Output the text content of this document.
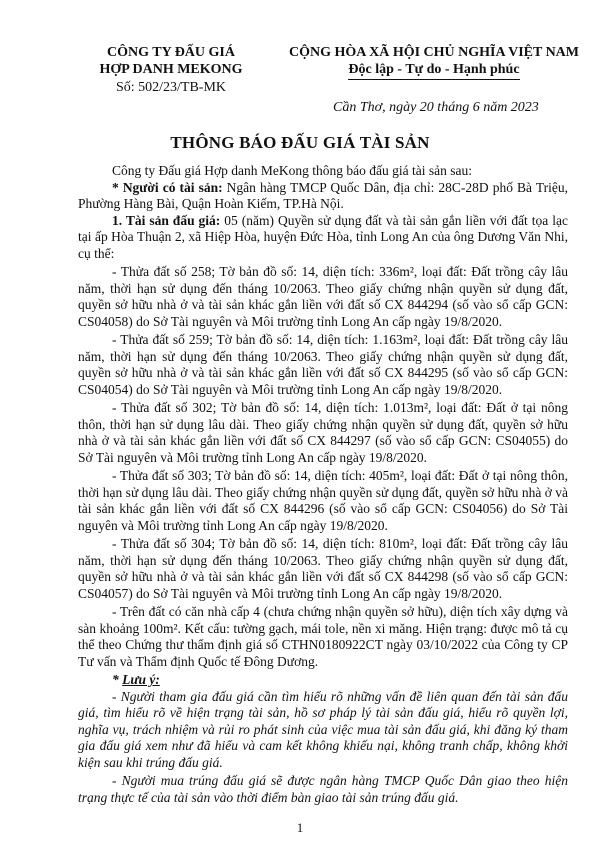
CÔNG TY ĐẤU GIÁ
HỢP DANH MEKONG
Số: 502/23/TB-MK
CỘNG HÒA XÃ HỘI CHỦ NGHĨA VIỆT NAM
Độc lập - Tự do - Hạnh phúc
Cần Thơ, ngày 20 tháng 6 năm 2023
THÔNG BÁO ĐẤU GIÁ TÀI SẢN

Công ty Đấu giá Hợp danh MeKong thông báo đấu giá tài sản sau:

* Người có tài sản: Ngân hàng TMCP Quốc Dân, địa chỉ: 28C-28D phố Bà Triệu, Phường Hàng Bài, Quận Hoàn Kiếm, TP.Hà Nội.

1. Tài sản đấu giá: 05 (năm) Quyền sử dụng đất và tài sản gắn liền với đất tọa lạc tại ấp Hòa Thuận 2, xã Hiệp Hòa, huyện Đức Hòa, tỉnh Long An của ông Dương Văn Nhi, cụ thể:

- Thửa đất số 258; Tờ bản đồ số: 14, diện tích: 336m², loại đất: Đất trồng cây lâu năm, thời hạn sử dụng đến tháng 10/2063. Theo giấy chứng nhận quyền sử dụng đất, quyền sở hữu nhà ở và tài sản khác gắn liền với đất số CX 844294 (số vào sổ cấp GCN: CS04058) do Sở Tài nguyên và Môi trường tỉnh Long An cấp ngày 19/8/2020.

- Thửa đất số 259; Tờ bản đồ số: 14, diện tích: 1.163m², loại đất: Đất trồng cây lâu năm, thời hạn sử dụng đến tháng 10/2063. Theo giấy chứng nhận quyền sử dụng đất, quyền sở hữu nhà ở và tài sản khác gắn liền với đất số CX 844295 (số vào sổ cấp GCN: CS04054) do Sở Tài nguyên và Môi trường tỉnh Long An cấp ngày 19/8/2020.

- Thửa đất số 302; Tờ bản đồ số: 14, diện tích: 1.013m², loại đất: Đất ở tại nông thôn, thời hạn sử dụng lâu dài. Theo giấy chứng nhận quyền sử dụng đất, quyền sở hữu nhà ở và tài sản khác gắn liền với đất số CX 844297 (số vào sổ cấp GCN: CS04055) do Sở Tài nguyên và Môi trường tỉnh Long An cấp ngày 19/8/2020.

- Thửa đất số 303; Tờ bản đồ số: 14, diện tích: 405m², loại đất: Đất ở tại nông thôn, thời hạn sử dụng lâu dài. Theo giấy chứng nhận quyền sử dụng đất, quyền sở hữu nhà ở và tài sản khác gắn liền với đất số CX 844296 (số vào sổ cấp GCN: CS04056) do Sở Tài nguyên và Môi trường tỉnh Long An cấp ngày 19/8/2020.

- Thửa đất số 304; Tờ bản đồ số: 14, diện tích: 810m², loại đất: Đất trồng cây lâu năm, thời hạn sử dụng đến tháng 10/2063. Theo giấy chứng nhận quyền sử dụng đất, quyền sở hữu nhà ở và tài sản khác gắn liền với đất số CX 844298 (số vào sổ cấp GCN: CS04057) do Sở Tài nguyên và Môi trường tỉnh Long An cấp ngày 19/8/2020.

- Trên đất có căn nhà cấp 4 (chưa chứng nhận quyền sở hữu), diện tích xây dựng và sàn khoảng 100m². Kết cấu: tường gạch, mái tole, nền xi măng. Hiện trạng: được mô tả cụ thể theo Chứng thư thẩm định giá số CTHN0180922CT ngày 03/10/2022 của Công ty CP Tư vấn và Thẩm định Quốc tế Đông Dương.

* Lưu ý:

- Người tham gia đấu giá cần tìm hiểu rõ những vấn đề liên quan đến tài sản đấu giá, tìm hiểu rõ về hiện trạng tài sản, hồ sơ pháp lý tài sản đấu giá, hiểu rõ quyền lợi, nghĩa vụ, trách nhiệm và rủi ro phát sinh của việc mua tài sản đấu giá, khi đăng ký tham gia đấu giá xem như đã hiểu và cam kết không khiếu nại, không tranh chấp, không khởi kiện sau khi trúng đấu giá.

- Người mua trúng đấu giá sẽ được ngân hàng TMCP Quốc Dân giao theo hiện trạng thực tế của tài sản vào thời điểm bàn giao tài sản trúng đấu giá.

1
